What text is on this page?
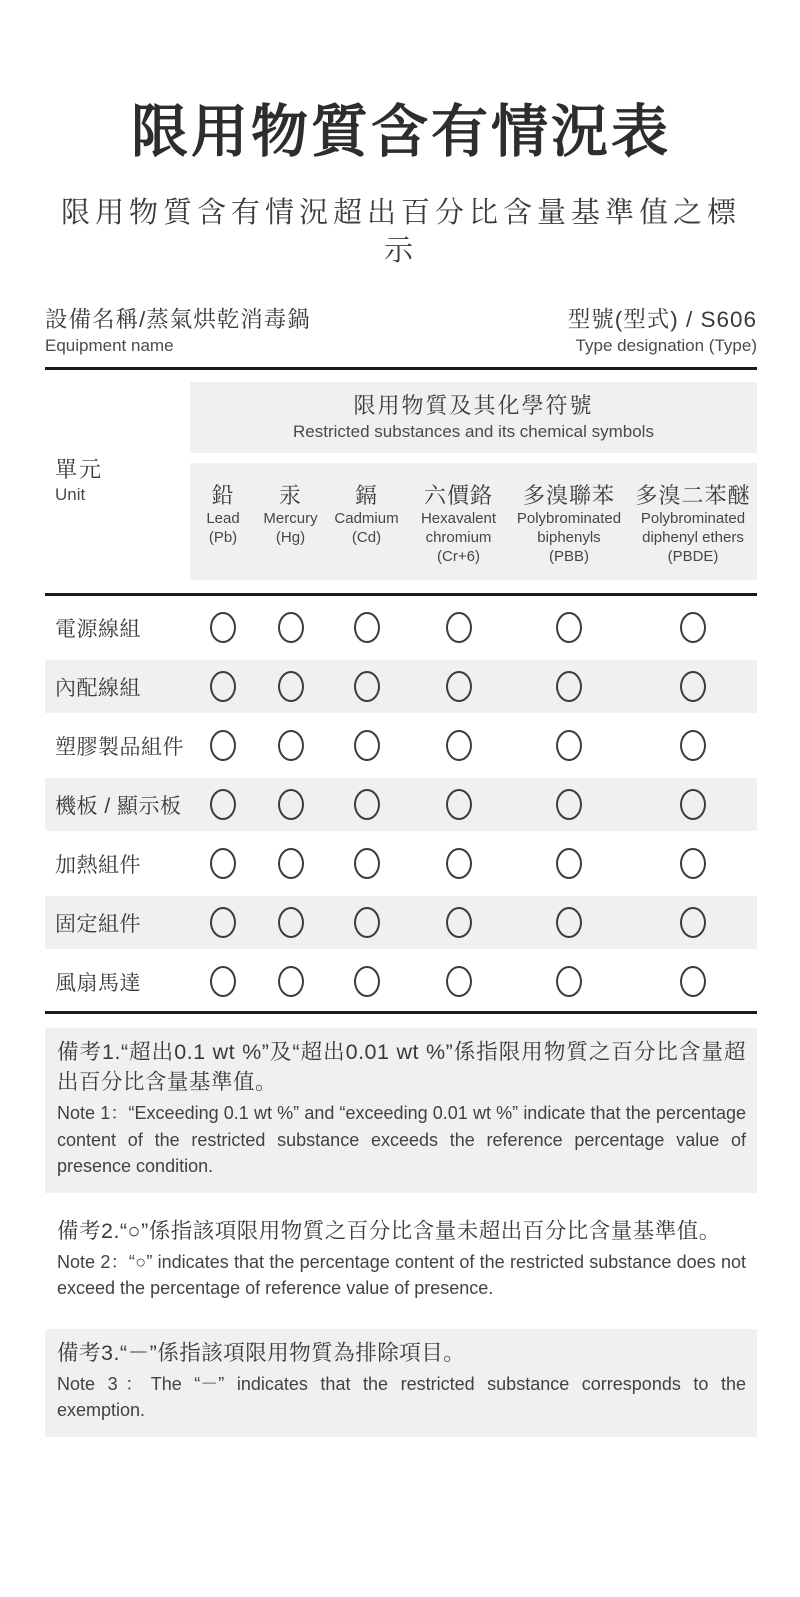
限用物質含有情況表
限用物質含有情況超出百分比含量基準值之標示
設備名稱/蒸氣烘乾消毒鍋
Equipment name
型號(型式) / S606
Type designation (Type)
單元
Unit
限用物質及其化學符號
Restricted substances and its chemical symbols
鉛
Lead
(Pb)
汞
Mercury
(Hg)
鎘
Cadmium
(Cd)
六價鉻
Hexavalent chromium
(Cr+6)
多溴聯苯
Polybrominated biphenyls
(PBB)
多溴二苯醚
Polybrominated diphenyl ethers
(PBDE)
電源線組
內配線組
塑膠製品組件
機板 / 顯示板
加熱組件
固定組件
風扇馬達
備考1.“超出0.1 wt %”及“超出0.01 wt %”係指限用物質之百分比含量超出百分比含量基準值。
Note 1：“Exceeding 0.1 wt %” and “exceeding 0.01 wt %” indicate that the percentage content of the restricted substance exceeds the reference percentage value of presence condition.
備考2.“○”係指該項限用物質之百分比含量未超出百分比含量基準值。
Note 2：“○” indicates that the percentage content of the restricted substance does not exceed the percentage of reference value of presence.
備考3.“－”係指該項限用物質為排除項目。
Note 3：The “－” indicates that the restricted substance corresponds to the exemption.
